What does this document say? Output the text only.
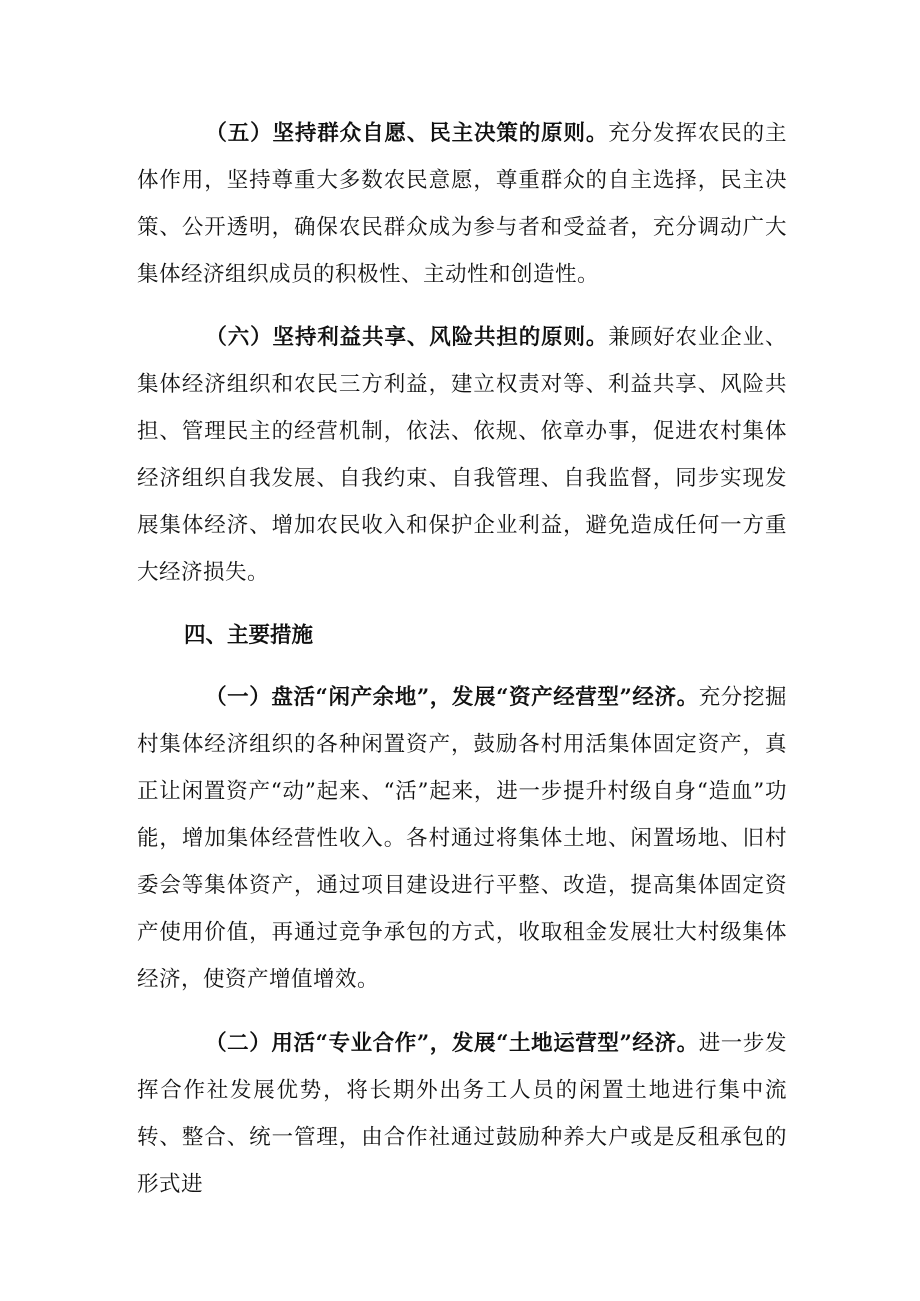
（五）坚持群众自愿、民主决策的原则。充分发挥农民的主体作用，坚持尊重大多数农民意愿，尊重群众的自主选择，民主决策、公开透明，确保农民群众成为参与者和受益者，充分调动广大集体经济组织成员的积极性、主动性和创造性。

（六）坚持利益共享、风险共担的原则。兼顾好农业企业、集体经济组织和农民三方利益，建立权责对等、利益共享、风险共担、管理民主的经营机制，依法、依规、依章办事，促进农村集体经济组织自我发展、自我约束、自我管理、自我监督，同步实现发展集体经济、增加农民收入和保护企业利益，避免造成任何一方重大经济损失。

四、主要措施

（一）盘活“闲产余地”，发展“资产经营型”经济。充分挖掘村集体经济组织的各种闲置资产，鼓励各村用活集体固定资产，真正让闲置资产“动”起来、“活”起来，进一步提升村级自身“造血”功能，增加集体经营性收入。各村通过将集体土地、闲置场地、旧村委会等集体资产，通过项目建设进行平整、改造，提高集体固定资产使用价值，再通过竞争承包的方式，收取租金发展壮大村级集体经济，使资产增值增效。

（二）用活“专业合作”，发展“土地运营型”经济。进一步发挥合作社发展优势，将长期外出务工人员的闲置土地进行集中流转、整合、统一管理，由合作社通过鼓励种养大户或是反租承包的形式进
